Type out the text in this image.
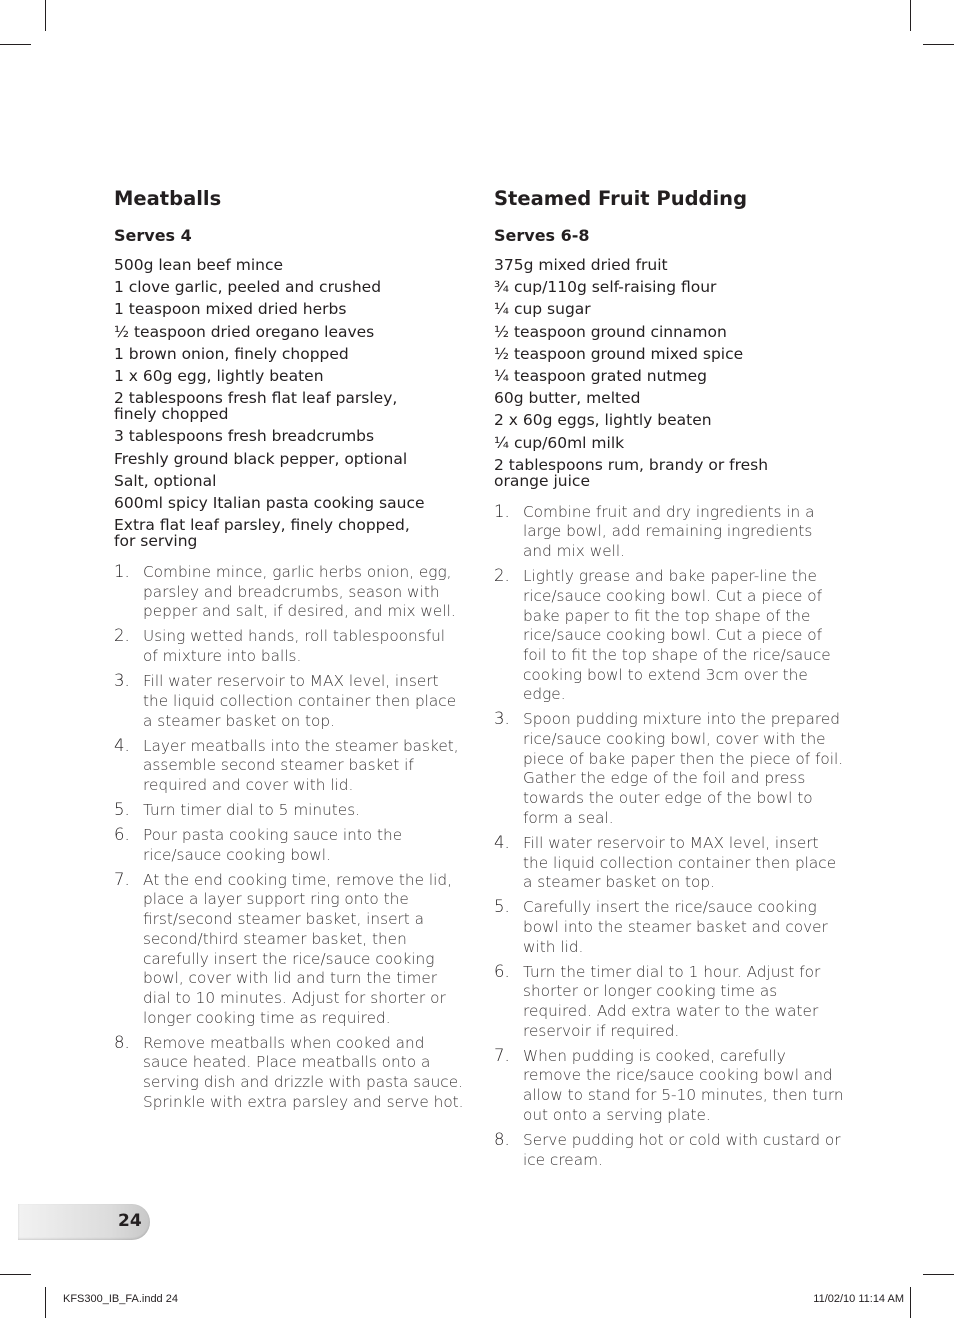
Meatballs
Serves 4
500g lean beef mince
1 clove garlic, peeled and crushed
1 teaspoon mixed dried herbs
½ teaspoon dried oregano leaves
1 brown onion, finely chopped
1 x 60g egg, lightly beaten
2 tablespoons fresh flat leaf parsley,
finely chopped
3 tablespoons fresh breadcrumbs
Freshly ground black pepper, optional
Salt, optional
600ml spicy Italian pasta cooking sauce
Extra flat leaf parsley, finely chopped,
for serving
1. Combine mince, garlic herbs onion, egg, parsley and breadcrumbs, season with pepper and salt, if desired, and mix well.
2. Using wetted hands, roll tablespoonsful of mixture into balls.
3. Fill water reservoir to MAX level, insert the liquid collection container then place a steamer basket on top.
4. Layer meatballs into the steamer basket, assemble second steamer basket if required and cover with lid.
5. Turn timer dial to 5 minutes.
6. Pour pasta cooking sauce into the rice/sauce cooking bowl.
7. At the end cooking time, remove the lid, place a layer support ring onto the first/second steamer basket, insert a second/third steamer basket, then carefully insert the rice/sauce cooking bowl, cover with lid and turn the timer dial to 10 minutes. Adjust for shorter or longer cooking time as required.
8. Remove meatballs when cooked and sauce heated. Place meatballs onto a serving dish and drizzle with pasta sauce. Sprinkle with extra parsley and serve hot.
Steamed Fruit Pudding
Serves 6-8
375g mixed dried fruit
¾ cup/110g self-raising flour
¼ cup sugar
½ teaspoon ground cinnamon
½ teaspoon ground mixed spice
¼ teaspoon grated nutmeg
60g butter, melted
2 x 60g eggs, lightly beaten
¼ cup/60ml milk
2 tablespoons rum, brandy or fresh
orange juice
1. Combine fruit and dry ingredients in a large bowl, add remaining ingredients and mix well.
2. Lightly grease and bake paper-line the rice/sauce cooking bowl. Cut a piece of bake paper to fit the top shape of the rice/sauce cooking bowl. Cut a piece of foil to fit the top shape of the rice/sauce cooking bowl to extend 3cm over the edge.
3. Spoon pudding mixture into the prepared rice/sauce cooking bowl, cover with the piece of bake paper then the piece of foil. Gather the edge of the foil and press towards the outer edge of the bowl to form a seal.
4. Fill water reservoir to MAX level, insert the liquid collection container then place a steamer basket on top.
5. Carefully insert the rice/sauce cooking bowl into the steamer basket and cover with lid.
6. Turn the timer dial to 1 hour. Adjust for shorter or longer cooking time as required. Add extra water to the water reservoir if required.
7. When pudding is cooked, carefully remove the rice/sauce cooking bowl and allow to stand for 5-10 minutes, then turn out onto a serving plate.
8. Serve pudding hot or cold with custard or ice cream.
24
KFS300_IB_FA.indd 24	11/02/10 11:14 AM
